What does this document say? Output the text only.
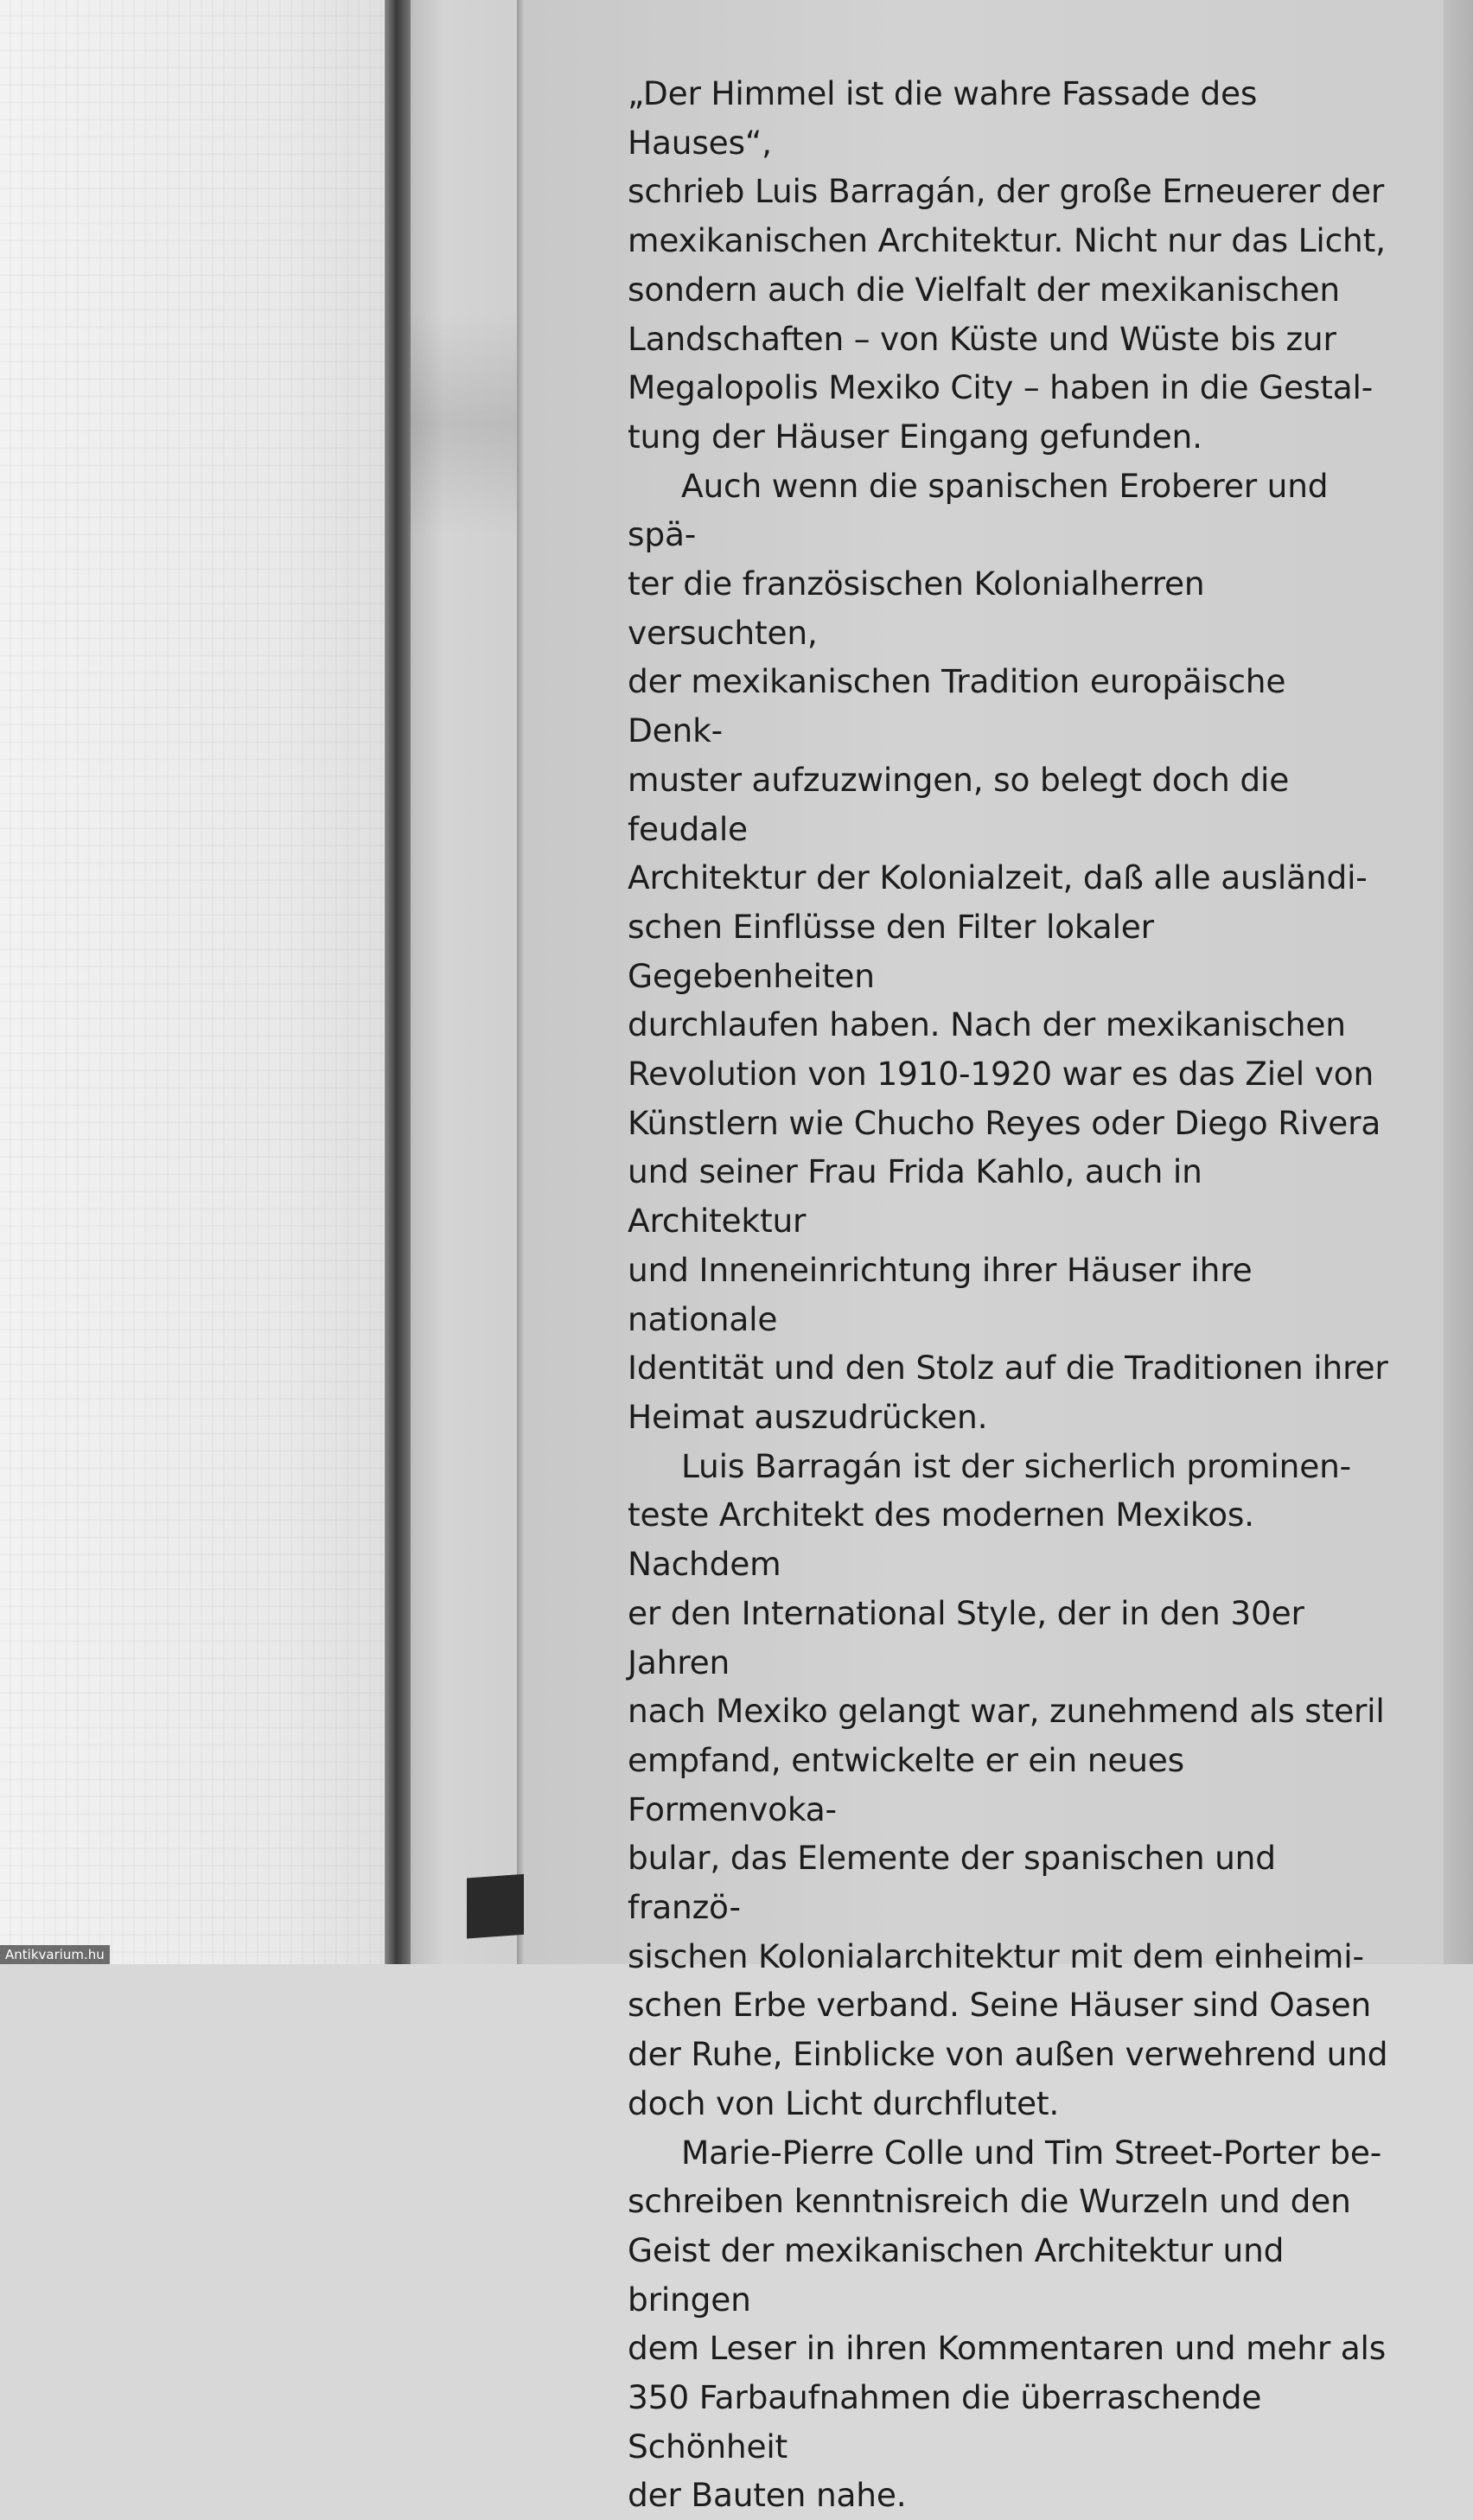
„Der Himmel ist die wahre Fassade des Hauses“,
schrieb Luis Barragán, der große Erneuerer der
mexikanischen Architektur. Nicht nur das Licht,
sondern auch die Vielfalt der mexikanischen
Landschaften – von Küste und Wüste bis zur
Megalopolis Mexiko City – haben in die Gestal-
tung der Häuser Eingang gefunden.

Auch wenn die spanischen Eroberer und spä-
ter die französischen Kolonialherren versuchten,
der mexikanischen Tradition europäische Denk-
muster aufzuzwingen, so belegt doch die feudale
Architektur der Kolonialzeit, daß alle ausländi-
schen Einflüsse den Filter lokaler Gegebenheiten
durchlaufen haben. Nach der mexikanischen
Revolution von 1910-1920 war es das Ziel von
Künstlern wie Chucho Reyes oder Diego Rivera
und seiner Frau Frida Kahlo, auch in Architektur
und Inneneinrichtung ihrer Häuser ihre nationale
Identität und den Stolz auf die Traditionen ihrer
Heimat auszudrücken.

Luis Barragán ist der sicherlich prominen-
teste Architekt des modernen Mexikos. Nachdem
er den International Style, der in den 30er Jahren
nach Mexiko gelangt war, zunehmend als steril
empfand, entwickelte er ein neues Formenvoka-
bular, das Elemente der spanischen und franzö-
sischen Kolonialarchitektur mit dem einheimi-
schen Erbe verband. Seine Häuser sind Oasen
der Ruhe, Einblicke von außen verwehrend und
doch von Licht durchflutet.

Marie-Pierre Colle und Tim Street-Porter be-
schreiben kenntnisreich die Wurzeln und den
Geist der mexikanischen Architektur und bringen
dem Leser in ihren Kommentaren und mehr als
350 Farbaufnahmen die überraschende Schönheit
der Bauten nahe.

Antikvarium.hu
